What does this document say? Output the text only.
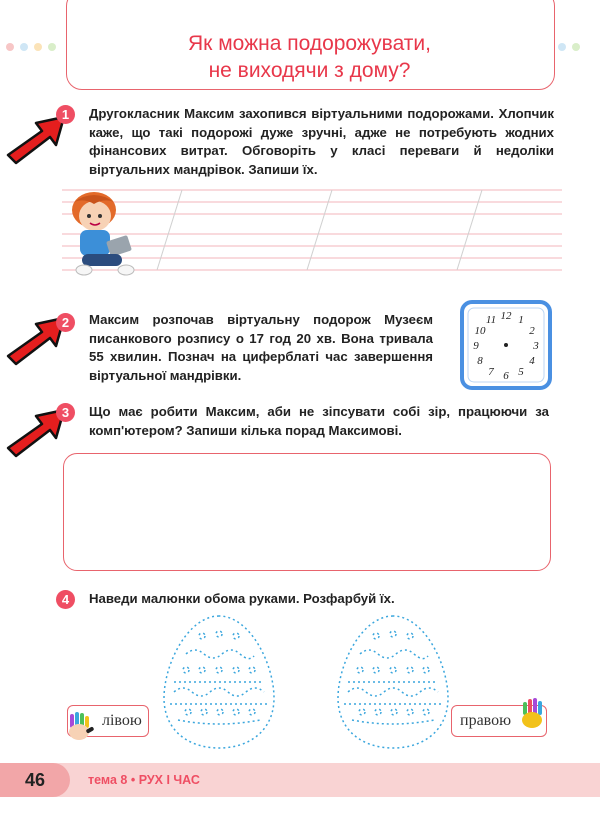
Як можна подорожувати,
не виходячи з дому?
1	Другокласник Максим захопився віртуальними подорожами. Хлопчик каже, що такі подорожі дуже зручні, адже не потребують жодних фінансових витрат. Обговоріть у класі переваги й недоліки віртуальних мандрівок. Запиши їх.
2	Максим розпочав віртуальну подорож Музеєм писанкового розпису о 17 год 20 хв. Вона тривала 55 хвилин. Познач на циферблаті час завершення віртуальної мандрівки.
12 1
2
3
4
5
6
7
8
9
10
11
3	Що має робити Максим, аби не зіпсувати собі зір, працюючи за комп'ютером? Запиши кілька порад Максимові.
4	Наведи малюнки обома руками. Розфарбуй їх.
лівою	правою
46	тема 8 • РУХ І ЧАС
